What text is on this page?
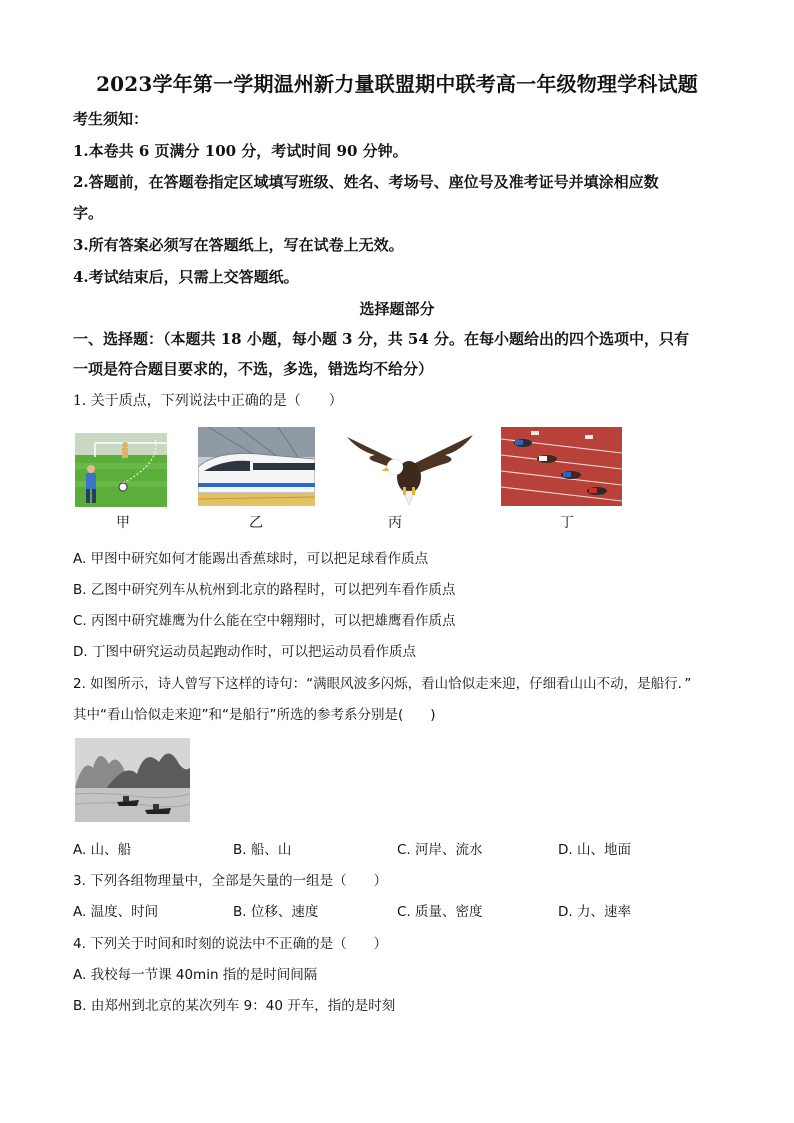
2023学年第一学期温州新力量联盟期中联考高一年级物理学科试题
考生须知：
1.本卷共 6 页满分 100 分，考试时间 90 分钟。
2.答题前，在答题卷指定区域填写班级、姓名、考场号、座位号及准考证号并填涂相应数
字。
3.所有答案必须写在答题纸上，写在试卷上无效。
4.考试结束后，只需上交答题纸。
选择题部分
一、选择题：（本题共 18 小题，每小题 3 分，共 54 分。在每小题给出的四个选项中，只有
一项是符合题目要求的，不选，多选，错选均不给分）
1. 关于质点，下列说法中正确的是（　　）
甲	乙	丙	丁
A. 甲图中研究如何才能踢出香蕉球时，可以把足球看作质点
B. 乙图中研究列车从杭州到北京的路程时，可以把列车看作质点
C. 丙图中研究雄鹰为什么能在空中翱翔时，可以把雄鹰看作质点
D. 丁图中研究运动员起跑动作时，可以把运动员看作质点
2. 如图所示，诗人曾写下这样的诗句：“满眼风波多闪烁，看山恰似走来迎，仔细看山山不动，是船行．”
其中“看山恰似走来迎”和“是船行”所选的参考系分别是(　　)
A. 山、船	B. 船、山	C. 河岸、流水	D. 山、地面
3. 下列各组物理量中，全部是矢量的一组是（　　）
A. 温度、时间	B. 位移、速度	C. 质量、密度	D. 力、速率
4. 下列关于时间和时刻的说法中不正确的是（　　）
A. 我校每一节课 40min 指的是时间间隔
B. 由郑州到北京的某次列车 9：40 开车，指的是时刻
